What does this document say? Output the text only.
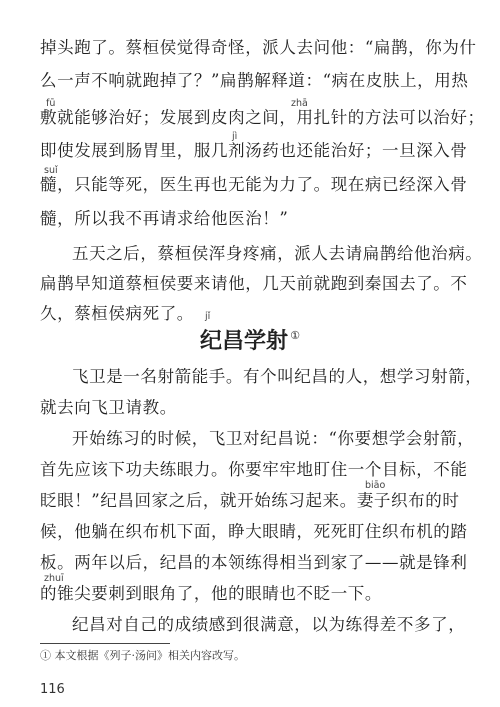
掉头跑了。蔡桓侯觉得奇怪，派人去问他：“扁鹊，你为什
么一声不响就跑掉了？”扁鹊解释道：“病在皮肤上，用热
fū	zhā
敷就能够治好；发展到皮肉之间，用扎针的方法可以治好；
jì
即使发展到肠胃里，服几剂汤药也还能治好；一旦深入骨
suǐ
髓，只能等死，医生再也无能为力了。现在病已经深入骨
髓，所以我不再请求给他医治！”
五天之后，蔡桓侯浑身疼痛，派人去请扁鹊给他治病。
扁鹊早知道蔡桓侯要来请他，几天前就跑到秦国去了。不
久，蔡桓侯病死了。	jǐ
纪昌学射 ①
飞卫是一名射箭能手。有个叫纪昌的人，想学习射箭，
就去向飞卫请教。
开始练习的时候，飞卫对纪昌说：“你要想学会射箭，
首先应该下功夫练眼力。你要牢牢地盯住一个目标，不能
biāo
眨眼！”纪昌回家之后，就开始练习起来。妻子织布的时
候，他躺在织布机下面，睁大眼睛，死死盯住织布机的踏
板。两年以后，纪昌的本领练得相当到家了——就是锋利
zhuī
的锥尖要刺到眼角了，他的眼睛也不眨一下。
纪昌对自己的成绩感到很满意，以为练得差不多了，
① 本文根据《列子·汤问》相关内容改写。
116
